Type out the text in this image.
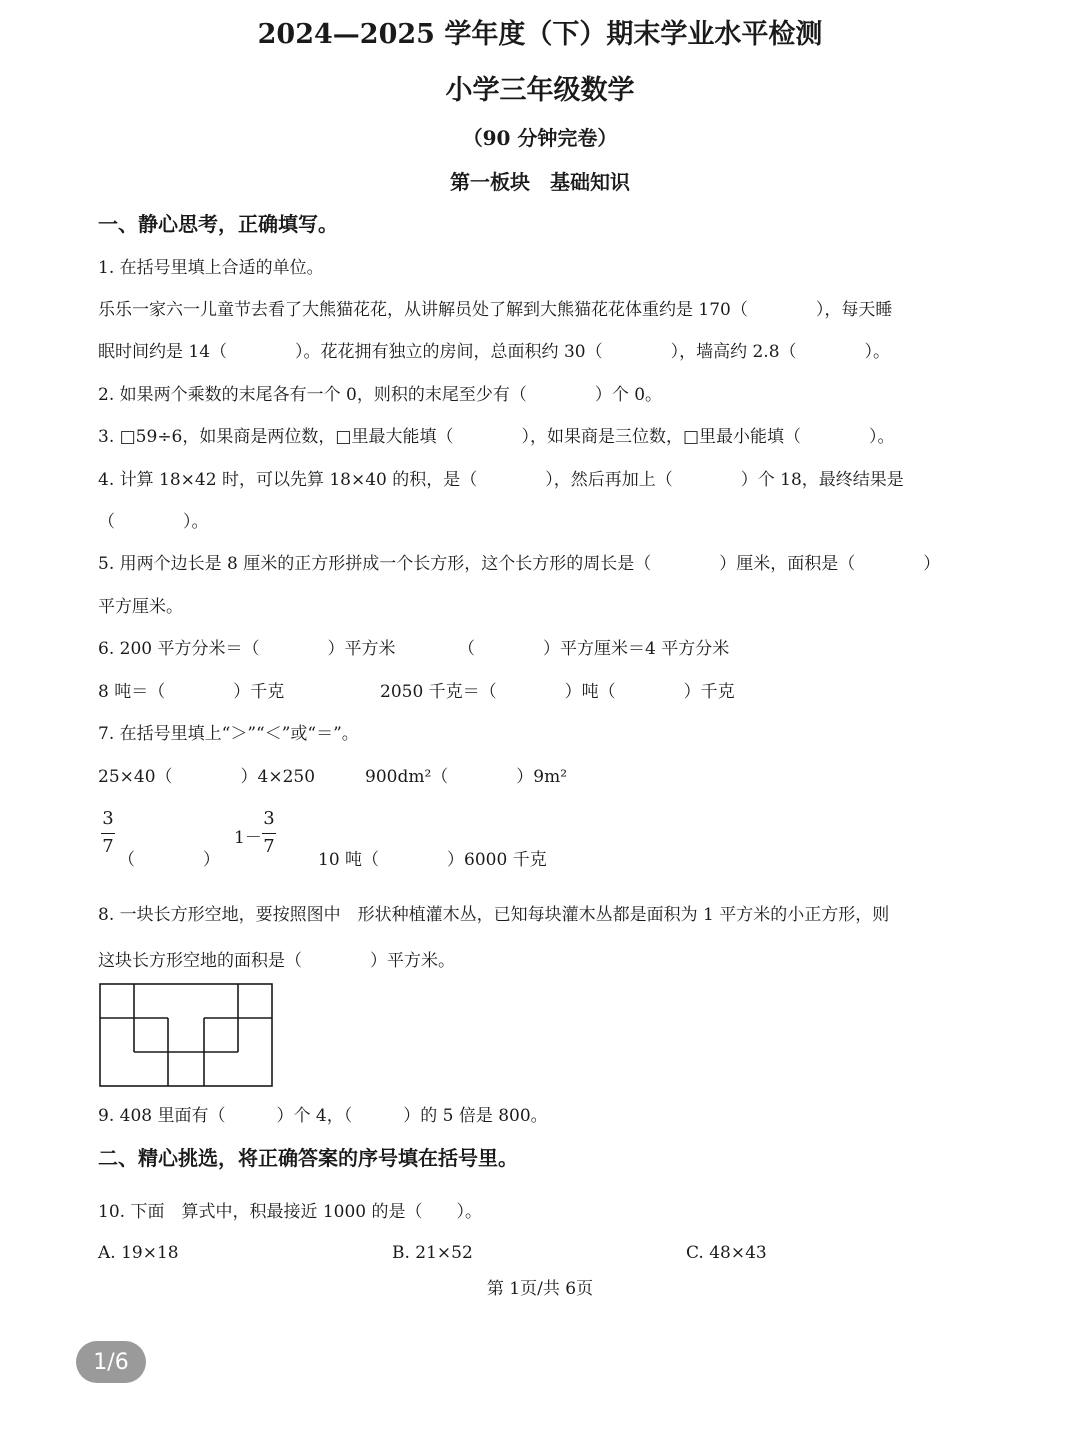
2024—2025 学年度（下）期末学业水平检测
小学三年级数学
（90 分钟完卷）
第一板块　基础知识
一、静心思考，正确填写。
1. 在括号里填上合适的单位。
乐乐一家六一儿童节去看了大熊猫花花，从讲解员处了解到大熊猫花花体重约是 170（　　　　），每天睡
眠时间约是 14（　　　　）。花花拥有独立的房间，总面积约 30（　　　　），墙高约 2.8（　　　　）。
2. 如果两个乘数的末尾各有一个 0，则积的末尾至少有（　　　　）个 0。
3. □59÷6，如果商是两位数，□里最大能填（　　　　），如果商是三位数，□里最小能填（　　　　）。
4. 计算 18×42 时，可以先算 18×40 的积，是（　　　　），然后再加上（　　　　）个 18，最终结果是
（　　　　）。
5. 用两个边长是 8 厘米的正方形拼成一个长方形，这个长方形的周长是（　　　　）厘米，面积是（　　　　）
平方厘米。
6. 200 平方分米＝（　　　　）平方米	（　　　　）平方厘米＝4 平方分米
8 吨＝（　　　　）千克	2050 千克＝（　　　　）吨（　　　　）千克
7. 在括号里填上“＞”“＜”或“＝”。
25×40（　　　　）4×250	900dm²（　　　　）9m²
3
7
（　　　　）
1－
3
7
10 吨（　　　　）6000 千克
8. 一块长方形空地，要按照图中　形状种植灌木丛，已知每块灌木丛都是面积为 1 平方米的小正方形，则
这块长方形空地的面积是（　　　　）平方米。
9. 408 里面有（　　　）个 4，（　　　）的 5 倍是 800。
二、精心挑选，将正确答案的序号填在括号里。
10. 下面　算式中，积最接近 1000 的是（　　）。
A. 19×18	B. 21×52	C. 48×43
第 1页/共 6页
1/6
